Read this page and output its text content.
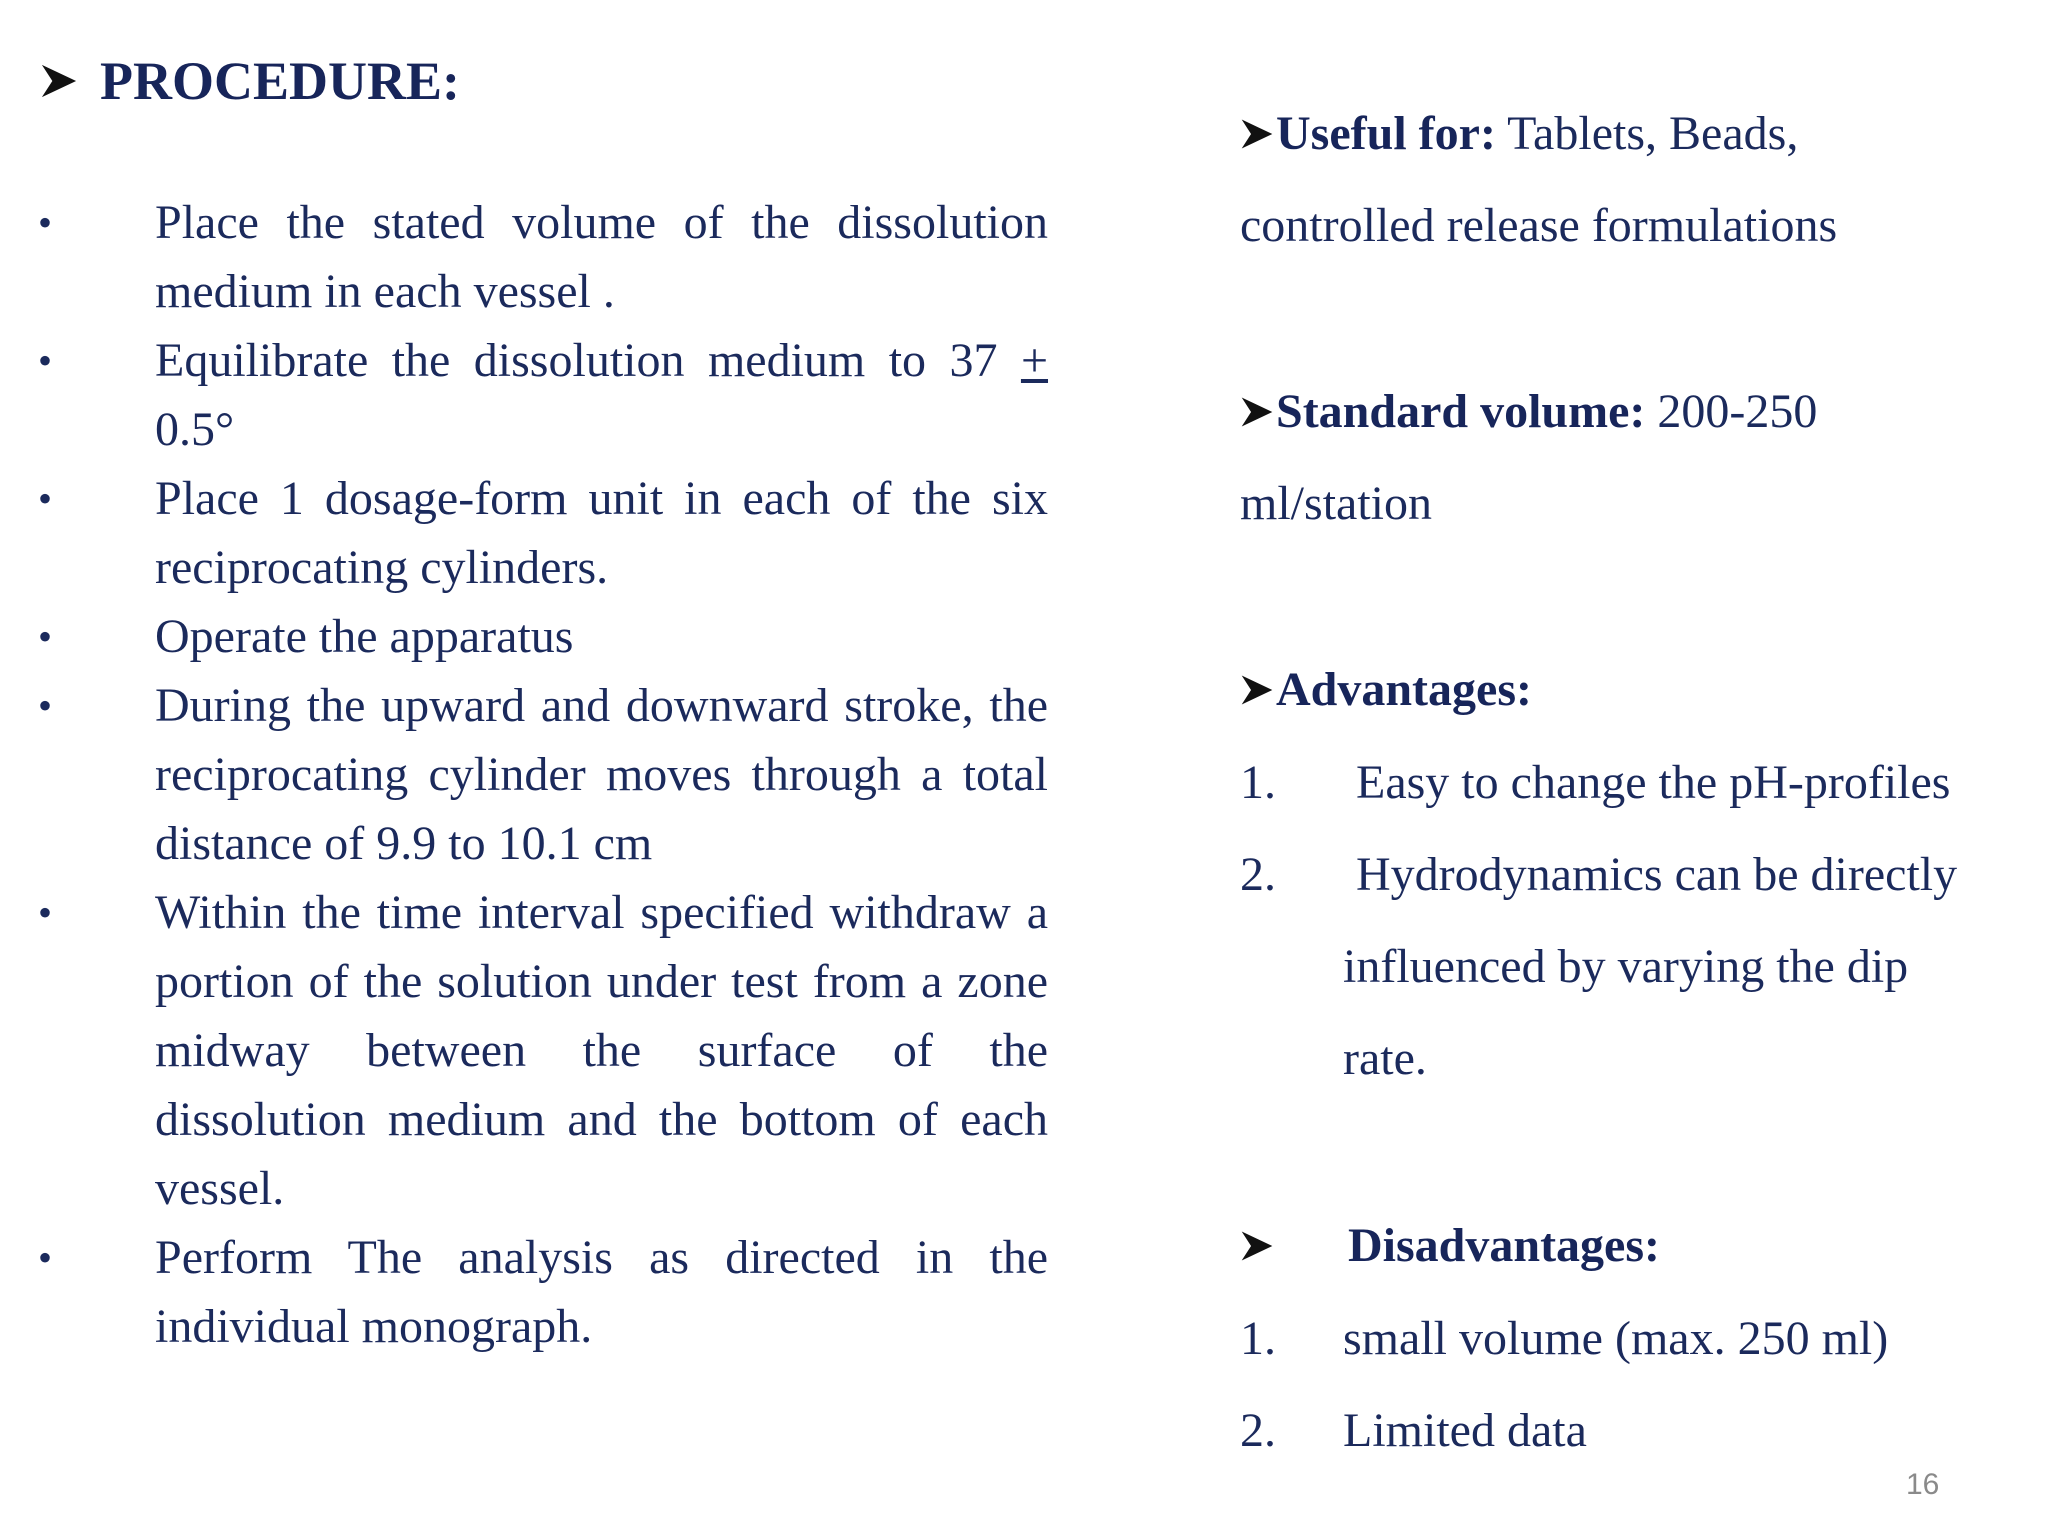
PROCEDURE:
• Place the stated volume of the dissolution medium in each vessel .
• Equilibrate the dissolution medium to 37 + 0.5°
• Place 1 dosage-form unit in each of the six reciprocating cylinders.
• Operate the apparatus
• During the upward and downward stroke, the reciprocating cylinder moves through a total distance of 9.9 to 10.1 cm
• Within the time interval specified withdraw a portion of the solution under test from a zone midway between the surface of the dissolution medium and the bottom of each vessel.
• Perform The analysis as directed in the individual monograph.
Useful for: Tablets, Beads,
controlled release formulations
Standard volume: 200-250
ml/station
Advantages:
1. Easy to change the pH-profiles
2. Hydrodynamics can be directly
influenced by varying the dip
rate.
Disadvantages:
1. small volume (max. 250 ml)
2. Limited data
16
